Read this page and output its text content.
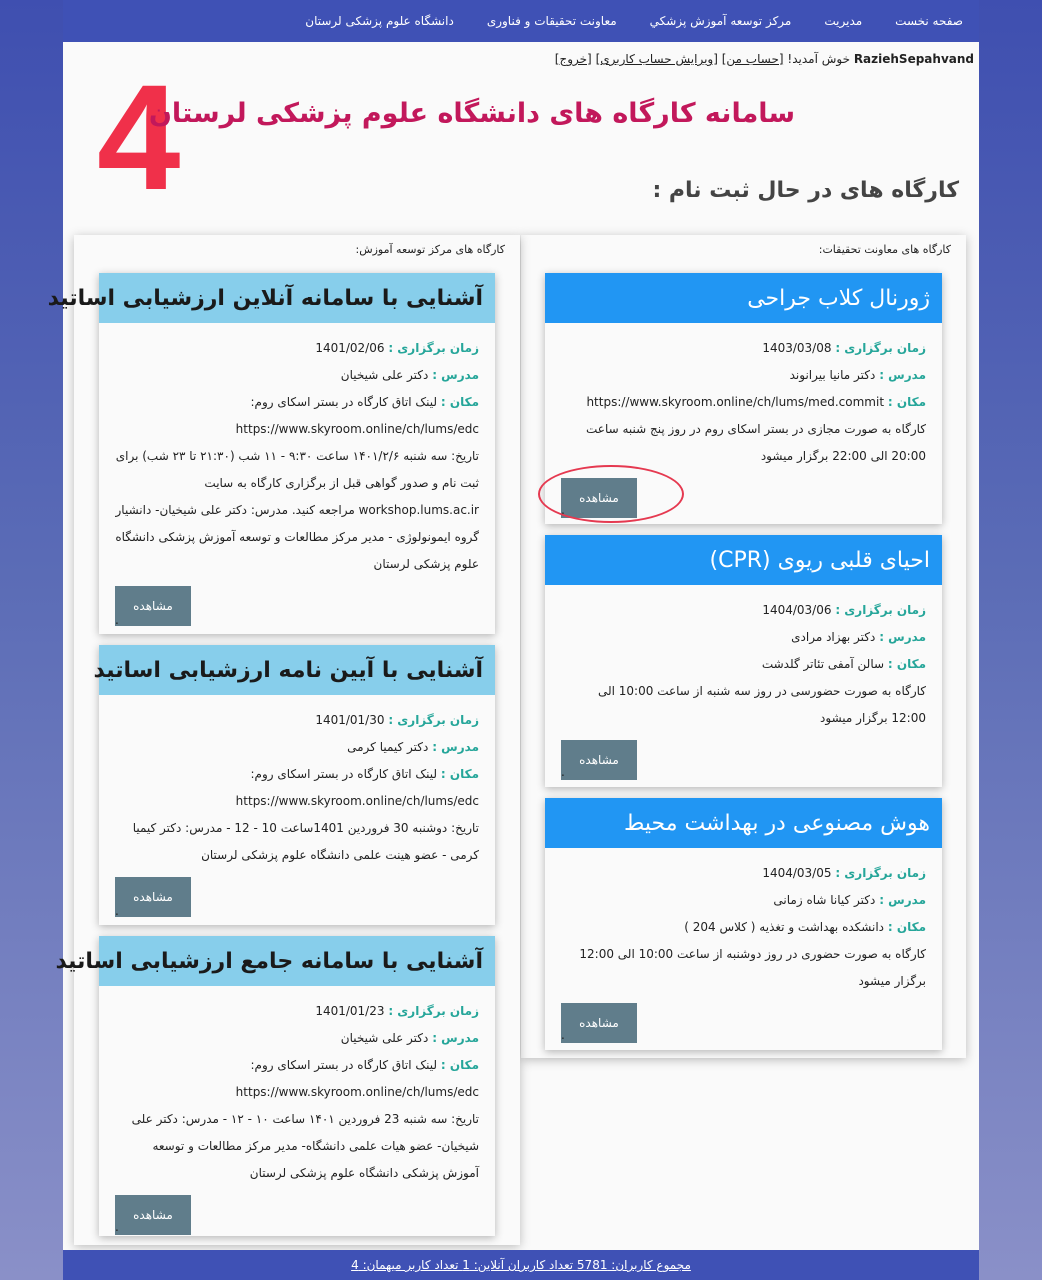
صفحه نخست
مدیریت
مرکز توسعه آموزش پزشكي
معاونت تحقیقات و فناوری
دانشگاه علوم پزشکی لرستان
RaziehSepahvand خوش آمدید! [حساب من] [ویرایش حساب کاربری] [خروج]
4
سامانه کارگاه های دانشگاه علوم پزشکی لرستان
کارگاه های در حال ثبت نام :
کارگاه های معاونت تحقیقات:
ژورنال کلاب جراحی
زمان برگزاری : 1403/03/08
مدرس : دکتر مانیا بیرانوند
مکان : https://www.skyroom.online/ch/lums/med.commit
کارگاه به صورت مجازی در بستر اسکای روم در روز پنج شنبه ساعت 20:00 الی 22:00 برگزار میشود
مشاهده
.
احیای قلبی ریوی (CPR)
زمان برگزاری : 1404/03/06
مدرس : دکتر بهزاد مرادی
مکان : سالن آمفی تئاتر گلدشت
کارگاه به صورت حضورسی در روز سه شنبه از ساعت 10:00 الی 12:00 برگزار میشود
مشاهده
.
هوش مصنوعی در بهداشت محیط
زمان برگزاری : 1404/03/05
مدرس : دکتر کیانا شاه زمانی
مکان : دانشکده بهداشت و تغذیه ( کلاس 204 )
کارگاه به صورت حضوری در روز دوشنبه از ساعت 10:00 الی 12:00 برگزار میشود
مشاهده
.
کارگاه های مرکز توسعه آموزش:
آشنایی با سامانه آنلاین ارزشیابی اساتید
زمان برگزاری : 1401/02/06
مدرس : دکتر علی شیخیان
مکان : لینک اتاق کارگاه در بستر اسکای روم:
https://www.skyroom.online/ch/lums/edc
تاریخ: سه شنبه ۱۴۰۱/۲/۶ ساعت ۹:۳۰ - ۱۱ شب (۲۱:۳۰ تا ۲۳ شب) برای ثبت نام و صدور گواهی قبل از برگزاری کارگاه به سایت workshop.lums.ac.ir مراجعه کنید. مدرس: دکتر علی شیخیان- دانشیار گروه ایمونولوژی - مدیر مرکز مطالعات و توسعه آموزش پزشکی دانشگاه علوم پزشکی لرستان
مشاهده
.
آشنایی با آیین نامه ارزشیابی اساتید
زمان برگزاری : 1401/01/30
مدرس : دکتر کیمیا کرمی
مکان : لینک اتاق کارگاه در بستر اسکای روم:
https://www.skyroom.online/ch/lums/edc
تاریخ: دوشنبه 30 فروردین 1401ساعت 10 - 12 - مدرس: دکتر کیمیا کرمی - عضو هینت علمی دانشگاه علوم پزشکی لرستان
مشاهده
.
آشنایی با سامانه جامع ارزشیابی اساتید
زمان برگزاری : 1401/01/23
مدرس : دکتر علی شیخیان
مکان : لینک اتاق کارگاه در بستر اسکای روم:
https://www.skyroom.online/ch/lums/edc
تاریخ: سه شنبه 23 فروردین ۱۴۰۱ ساعت ۱۰ - ۱۲ - مدرس: دکتر علی شیخیان- عضو هیات علمی دانشگاه- مدیر مرکز مطالعات و توسعه آموزش پزشکی دانشگاه علوم پزشکی لرستان
مشاهده
.
مجموع کاربران: 5781 تعداد کاربران آنلاین: 1 تعداد کاربر میهمان: 4
